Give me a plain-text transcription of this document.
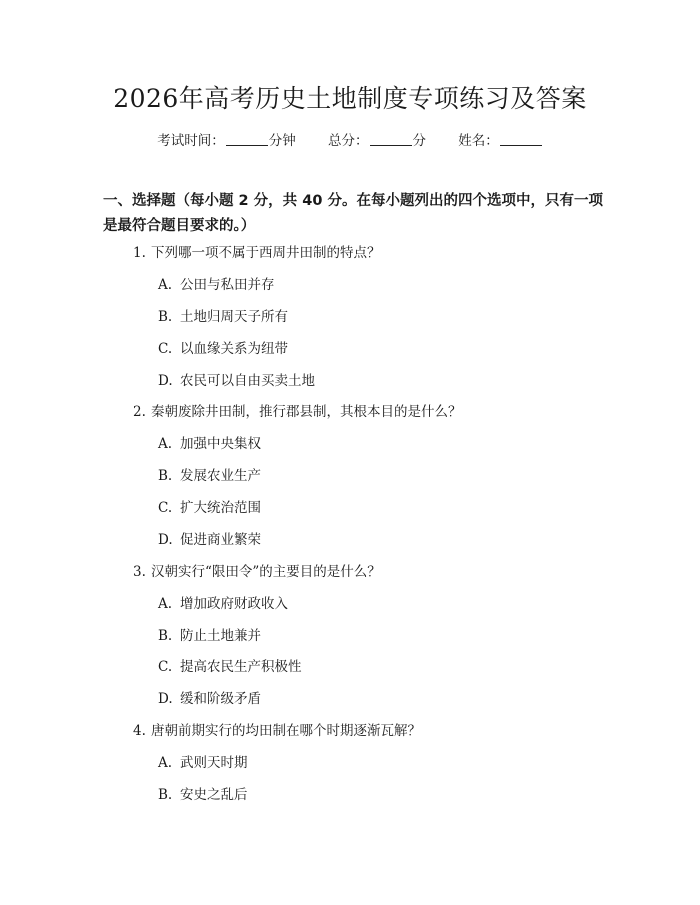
2026年高考历史土地制度专项练习及答案
考试时间：	分钟 总分：	分 姓名：

一、选择题（每小题 2 分，共 40 分。在每小题列出的四个选项中，只有一项是最符合题目要求的。）

1. 下列哪一项不属于西周井田制的特点？
A. 公田与私田并存
B. 土地归周天子所有
C. 以血缘关系为纽带
D. 农民可以自由买卖土地
2. 秦朝废除井田制，推行郡县制，其根本目的是什么？
A. 加强中央集权
B. 发展农业生产
C. 扩大统治范围
D. 促进商业繁荣
3. 汉朝实行“限田令”的主要目的是什么？
A. 增加政府财政收入
B. 防止土地兼并
C. 提高农民生产积极性
D. 缓和阶级矛盾
4. 唐朝前期实行的均田制在哪个时期逐渐瓦解？
A. 武则天时期
B. 安史之乱后
